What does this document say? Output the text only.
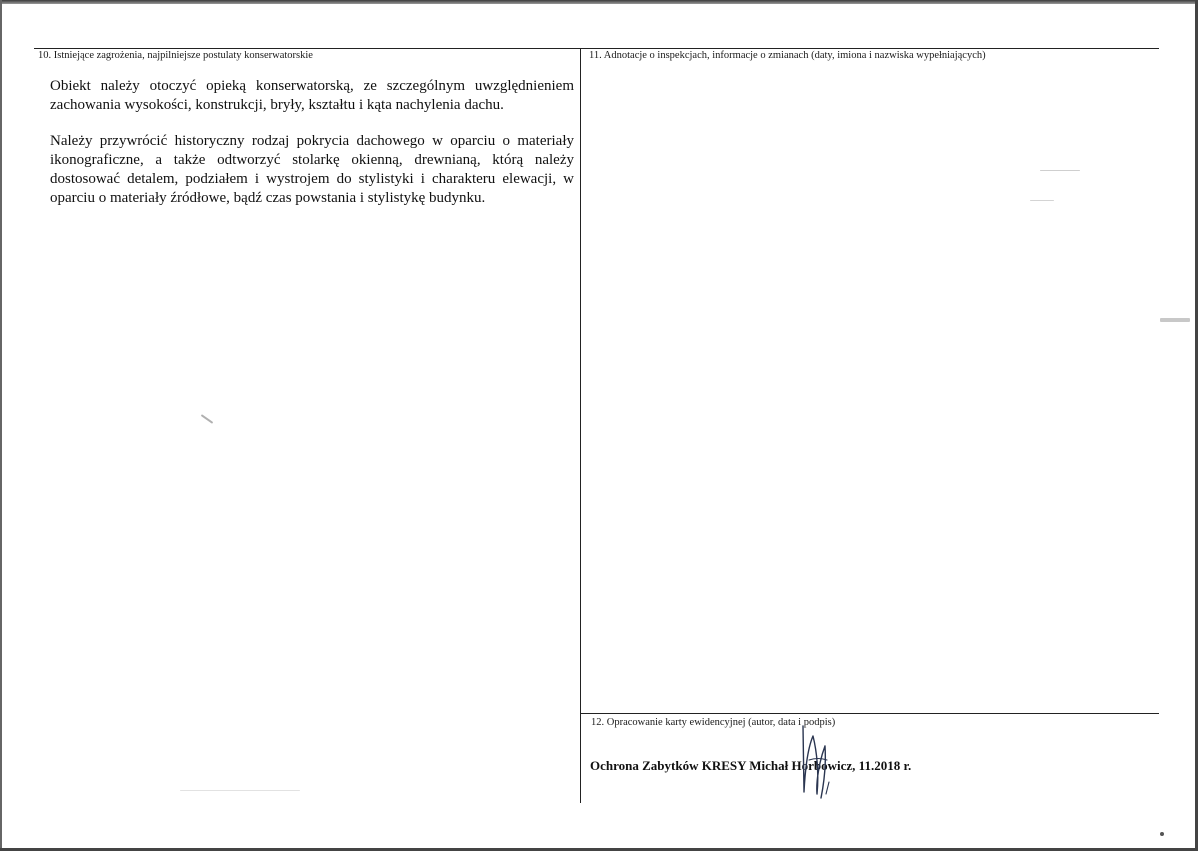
10. Istniejące zagrożenia, najpilniejsze postulaty konserwatorskie
Obiekt należy otoczyć opieką konserwatorską, ze szczególnym uwzględnieniem zachowania wysokości, konstrukcji, bryły, kształtu i kąta nachylenia dachu.
Należy przywrócić historyczny rodzaj pokrycia dachowego w oparciu o materiały ikonograficzne, a także odtworzyć stolarkę okienną, drewnianą, którą należy dostosować detalem, podziałem i wystrojem do stylistyki i charakteru elewacji, w oparciu o materiały źródłowe, bądź czas powstania i stylistykę budynku.
11. Adnotacje o inspekcjach, informacje o zmianach (daty, imiona i nazwiska wypełniających)
12. Opracowanie karty ewidencyjnej (autor, data i podpis)
Ochrona Zabytków KRESY Michał Horbowicz, 11.2018 r.
